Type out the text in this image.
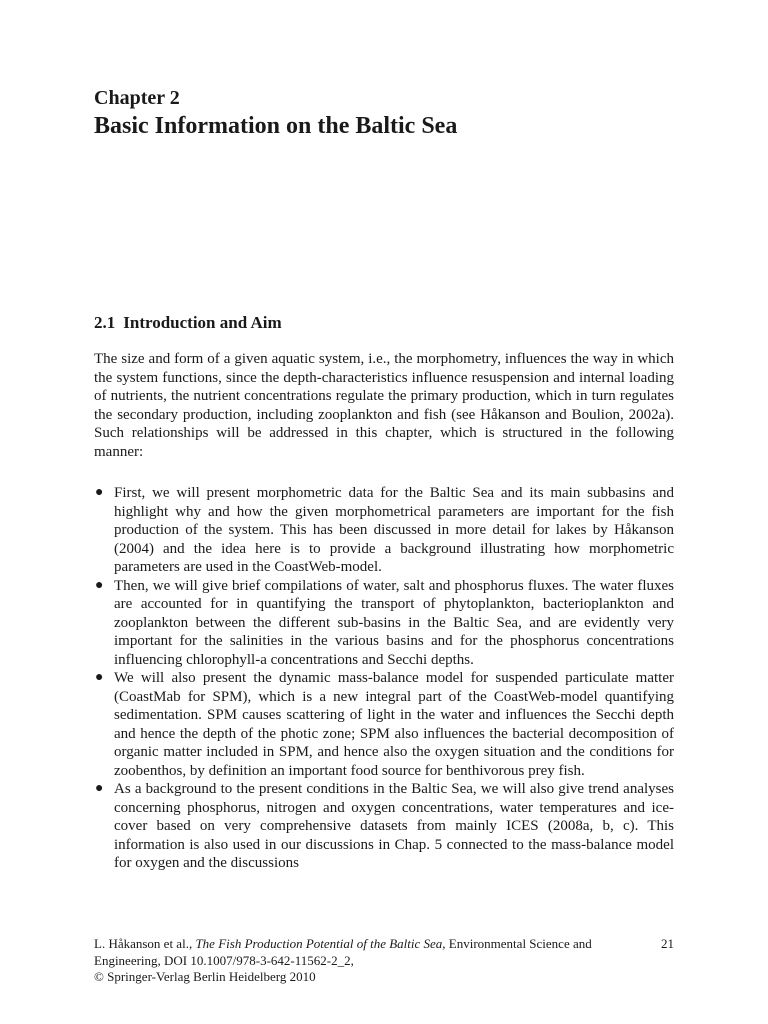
Chapter 2
Basic Information on the Baltic Sea
2.1 Introduction and Aim

The size and form of a given aquatic system, i.e., the morphometry, influences the way in which the system functions, since the depth-characteristics influence resuspension and internal loading of nutrients, the nutrient concentrations regulate the primary production, which in turn regulates the secondary production, including zooplankton and fish (see Håkanson and Boulion, 2002a). Such relationships will be addressed in this chapter, which is structured in the following manner:

● First, we will present morphometric data for the Baltic Sea and its main subbasins and highlight why and how the given morphometrical parameters are important for the fish production of the system. This has been discussed in more detail for lakes by Håkanson (2004) and the idea here is to provide a background illustrating how morphometric parameters are used in the CoastWeb-model.
● Then, we will give brief compilations of water, salt and phosphorus fluxes. The water fluxes are accounted for in quantifying the transport of phytoplankton, bacterioplankton and zooplankton between the different sub-basins in the Baltic Sea, and are evidently very important for the salinities in the various basins and for the phosphorus concentrations influencing chlorophyll-a concentrations and Secchi depths.
● We will also present the dynamic mass-balance model for suspended particulate matter (CoastMab for SPM), which is a new integral part of the CoastWeb-model quantifying sedimentation. SPM causes scattering of light in the water and influences the Secchi depth and hence the depth of the photic zone; SPM also influences the bacterial decomposition of organic matter included in SPM, and hence also the oxygen situation and the conditions for zoobenthos, by definition an important food source for benthivorous prey fish.
● As a background to the present conditions in the Baltic Sea, we will also give trend analyses concerning phosphorus, nitrogen and oxygen concentrations, water temperatures and ice-cover based on very comprehensive datasets from mainly ICES (2008a, b, c). This information is also used in our discussions in Chap. 5 connected to the mass-balance model for oxygen and the discussions
L. Håkanson et al., The Fish Production Potential of the Baltic Sea, Environmental Science and Engineering, DOI 10.1007/978-3-642-11562-2_2,
© Springer-Verlag Berlin Heidelberg 2010
21
